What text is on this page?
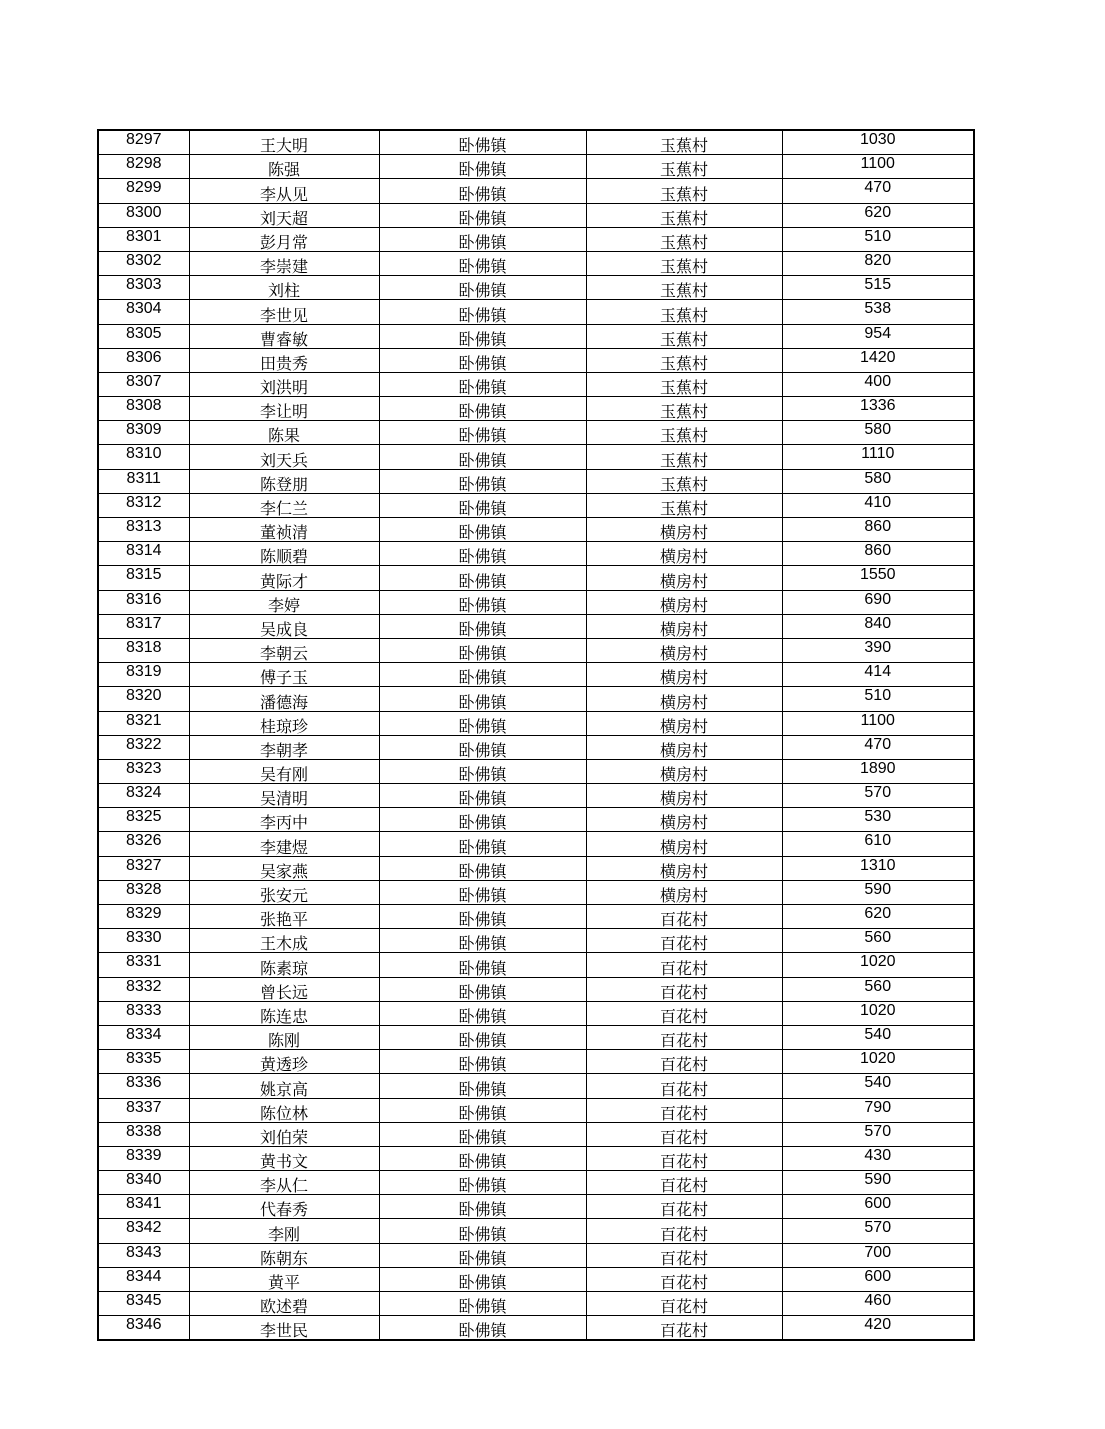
8297	王大明	卧佛镇	玉蕉村	1030
8298	陈强	卧佛镇	玉蕉村	1100
8299	李从见	卧佛镇	玉蕉村	470
8300	刘天超	卧佛镇	玉蕉村	620
8301	彭月常	卧佛镇	玉蕉村	510
8302	李崇建	卧佛镇	玉蕉村	820
8303	刘柱	卧佛镇	玉蕉村	515
8304	李世见	卧佛镇	玉蕉村	538
8305	曹睿敏	卧佛镇	玉蕉村	954
8306	田贵秀	卧佛镇	玉蕉村	1420
8307	刘洪明	卧佛镇	玉蕉村	400
8308	李让明	卧佛镇	玉蕉村	1336
8309	陈果	卧佛镇	玉蕉村	580
8310	刘天兵	卧佛镇	玉蕉村	1110
8311	陈登朋	卧佛镇	玉蕉村	580
8312	李仁兰	卧佛镇	玉蕉村	410
8313	董祯清	卧佛镇	横房村	860
8314	陈顺碧	卧佛镇	横房村	860
8315	黄际才	卧佛镇	横房村	1550
8316	李婷	卧佛镇	横房村	690
8317	吴成良	卧佛镇	横房村	840
8318	李朝云	卧佛镇	横房村	390
8319	傅子玉	卧佛镇	横房村	414
8320	潘德海	卧佛镇	横房村	510
8321	桂琼珍	卧佛镇	横房村	1100
8322	李朝孝	卧佛镇	横房村	470
8323	吴有刚	卧佛镇	横房村	1890
8324	吴清明	卧佛镇	横房村	570
8325	李丙中	卧佛镇	横房村	530
8326	李建煜	卧佛镇	横房村	610
8327	吴家燕	卧佛镇	横房村	1310
8328	张安元	卧佛镇	横房村	590
8329	张艳平	卧佛镇	百花村	620
8330	王木成	卧佛镇	百花村	560
8331	陈素琼	卧佛镇	百花村	1020
8332	曾长远	卧佛镇	百花村	560
8333	陈连忠	卧佛镇	百花村	1020
8334	陈刚	卧佛镇	百花村	540
8335	黄透珍	卧佛镇	百花村	1020
8336	姚京高	卧佛镇	百花村	540
8337	陈位林	卧佛镇	百花村	790
8338	刘伯荣	卧佛镇	百花村	570
8339	黄书文	卧佛镇	百花村	430
8340	李从仁	卧佛镇	百花村	590
8341	代春秀	卧佛镇	百花村	600
8342	李刚	卧佛镇	百花村	570
8343	陈朝东	卧佛镇	百花村	700
8344	黄平	卧佛镇	百花村	600
8345	欧述碧	卧佛镇	百花村	460
8346	李世民	卧佛镇	百花村	420
